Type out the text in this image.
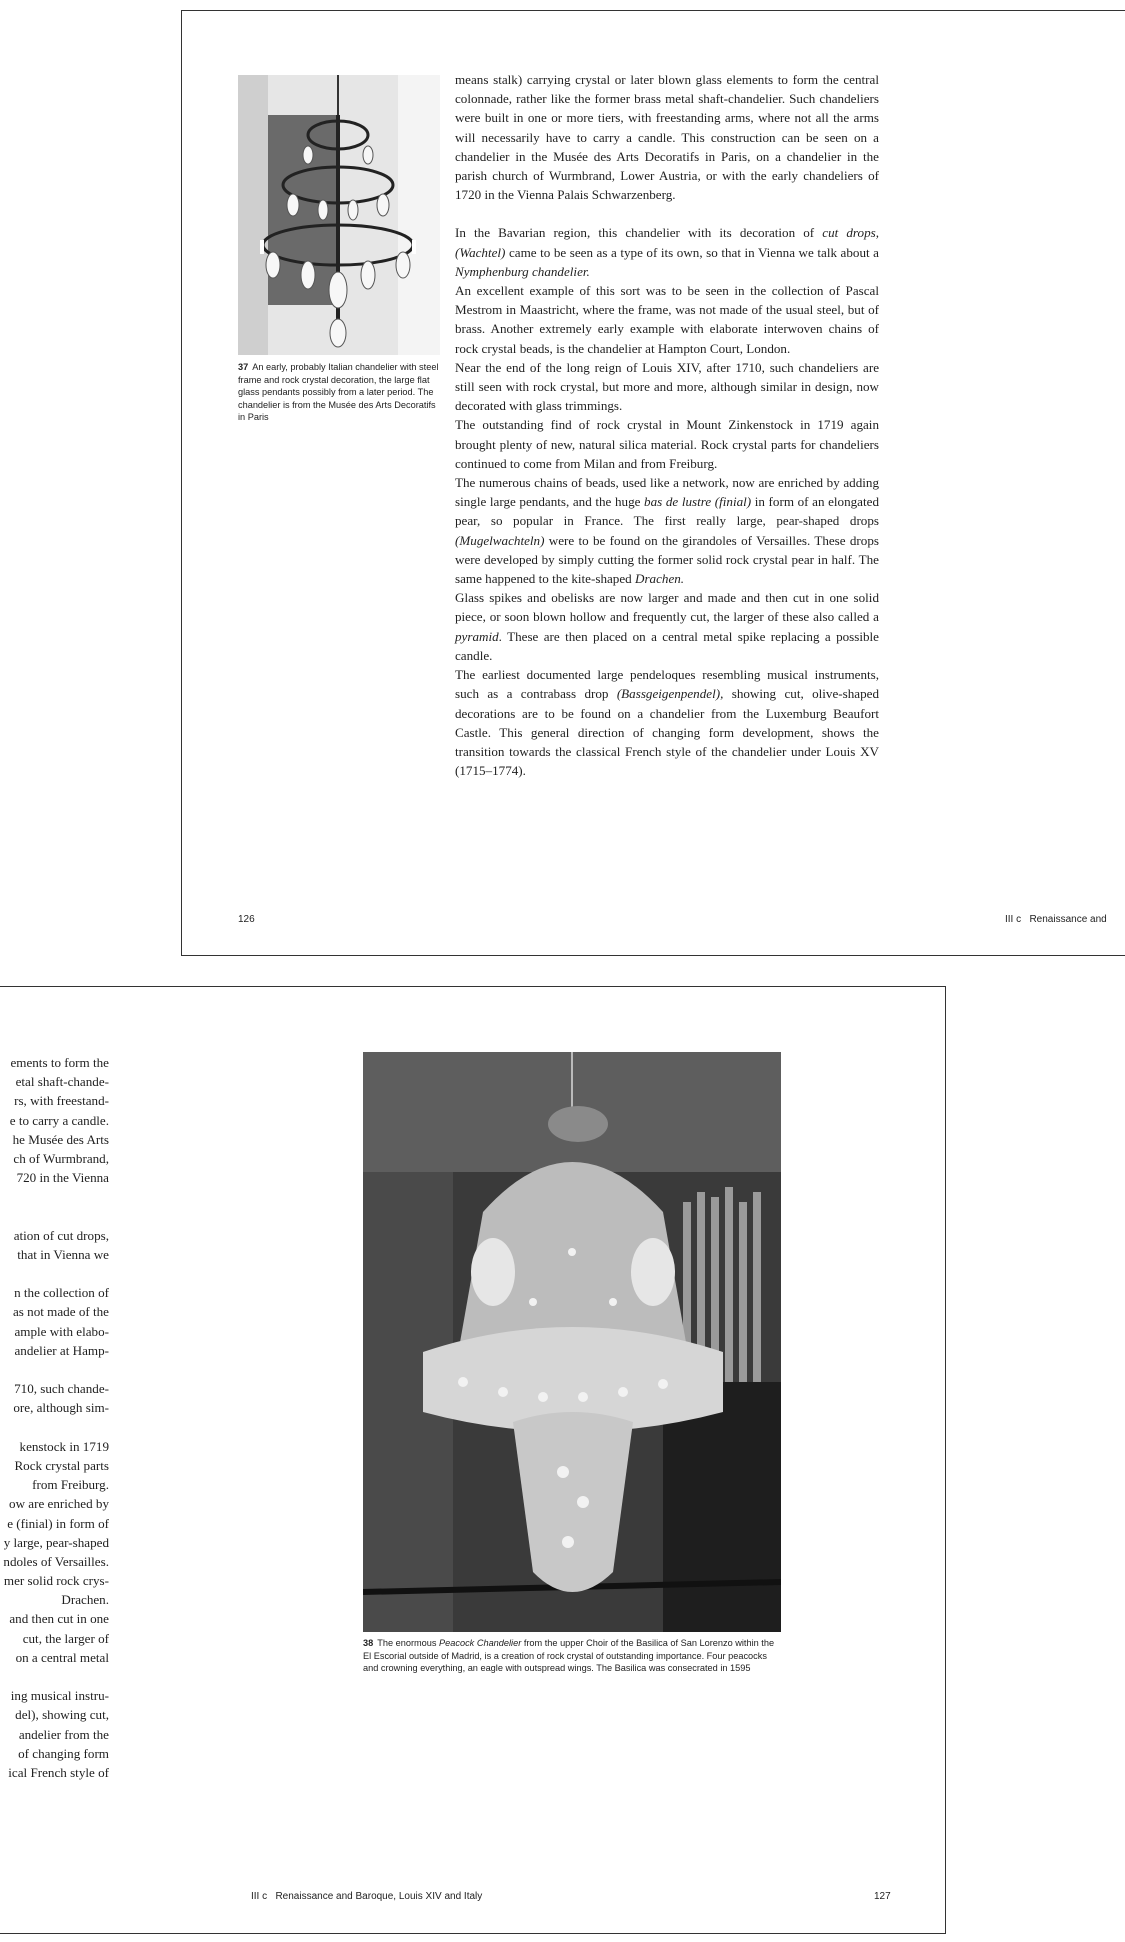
37 An early, probably Italian chandelier with steel frame and rock crystal decoration, the large flat glass pendants possibly from a later period. The chandelier is from the Musée des Arts Decoratifs in Paris

means stalk) carrying crystal or later blown glass elements to form the central colonnade, rather like the former brass metal shaft-chandelier. Such chandeliers were built in one or more tiers, with freestanding arms, where not all the arms will necessarily have to carry a candle. This construction can be seen on a chandelier in the Musée des Arts Decoratifs in Paris, on a chandelier in the parish church of Wurmbrand, Lower Austria, or with the early chandeliers of 1720 in the Vienna Palais Schwarzenberg.

In the Bavarian region, this chandelier with its decoration of cut drops, (Wachtel) came to be seen as a type of its own, so that in Vienna we talk about a Nymphenburg chandelier.

An excellent example of this sort was to be seen in the collection of Pascal Mestrom in Maastricht, where the frame, was not made of the usual steel, but of brass. Another extremely early example with elaborate interwoven chains of rock crystal beads, is the chandelier at Hampton Court, London.

Near the end of the long reign of Louis XIV, after 1710, such chandeliers are still seen with rock crystal, but more and more, although similar in design, now decorated with glass trimmings.

The outstanding find of rock crystal in Mount Zinkenstock in 1719 again brought plenty of new, natural silica material. Rock crystal parts for chandeliers continued to come from Milan and from Freiburg.

The numerous chains of beads, used like a network, now are enriched by adding single large pendants, and the huge bas de lustre (finial) in form of an elongated pear, so popular in France. The first really large, pear-shaped drops (Mugelwachteln) were to be found on the girandoles of Versailles. These drops were developed by simply cutting the former solid rock crystal pear in half. The same happened to the kite-shaped Drachen.

Glass spikes and obelisks are now larger and made and then cut in one solid piece, or soon blown hollow and frequently cut, the larger of these also called a pyramid. These are then placed on a central metal spike replacing a possible candle.

The earliest documented large pendeloques resembling musical instruments, such as a contrabass drop (Bassgeigenpendel), showing cut, olive-shaped decorations are to be found on a chandelier from the Luxemburg Beaufort Castle. This general direction of changing form development, shows the transition towards the classical French style of the chandelier under Louis XV (1715–1774).

126	III c   Renaissance and
ements to form the
etal shaft-chande-
rs, with freestand-
e to carry a candle.
he Musée des Arts
ch of Wurmbrand,
720 in the Vienna
ation of cut drops,
that in Vienna we
n the collection of
as not made of the
ample with elabo-
andelier at Hamp-
710, such chande-
ore, although sim-
kenstock in 1719
Rock crystal parts
from Freiburg.
ow are enriched by
e (finial) in form of
y large, pear-shaped
ndoles of Versailles.
mer solid rock crys-
Drachen.
and then cut in one
cut, the larger of
on a central metal
ing musical instru-
del), showing cut,
andelier from the
of changing form
ical French style of
38 The enormous Peacock Chandelier from the upper Choir of the Basilica of San Lorenzo within the El Escorial outside of Madrid, is a creation of rock crystal of outstanding importance. Four peacocks and crowning everything, an eagle with outspread wings. The Basilica was consecrated in 1595
III c   Renaissance and Baroque, Louis XIV and Italy	127
